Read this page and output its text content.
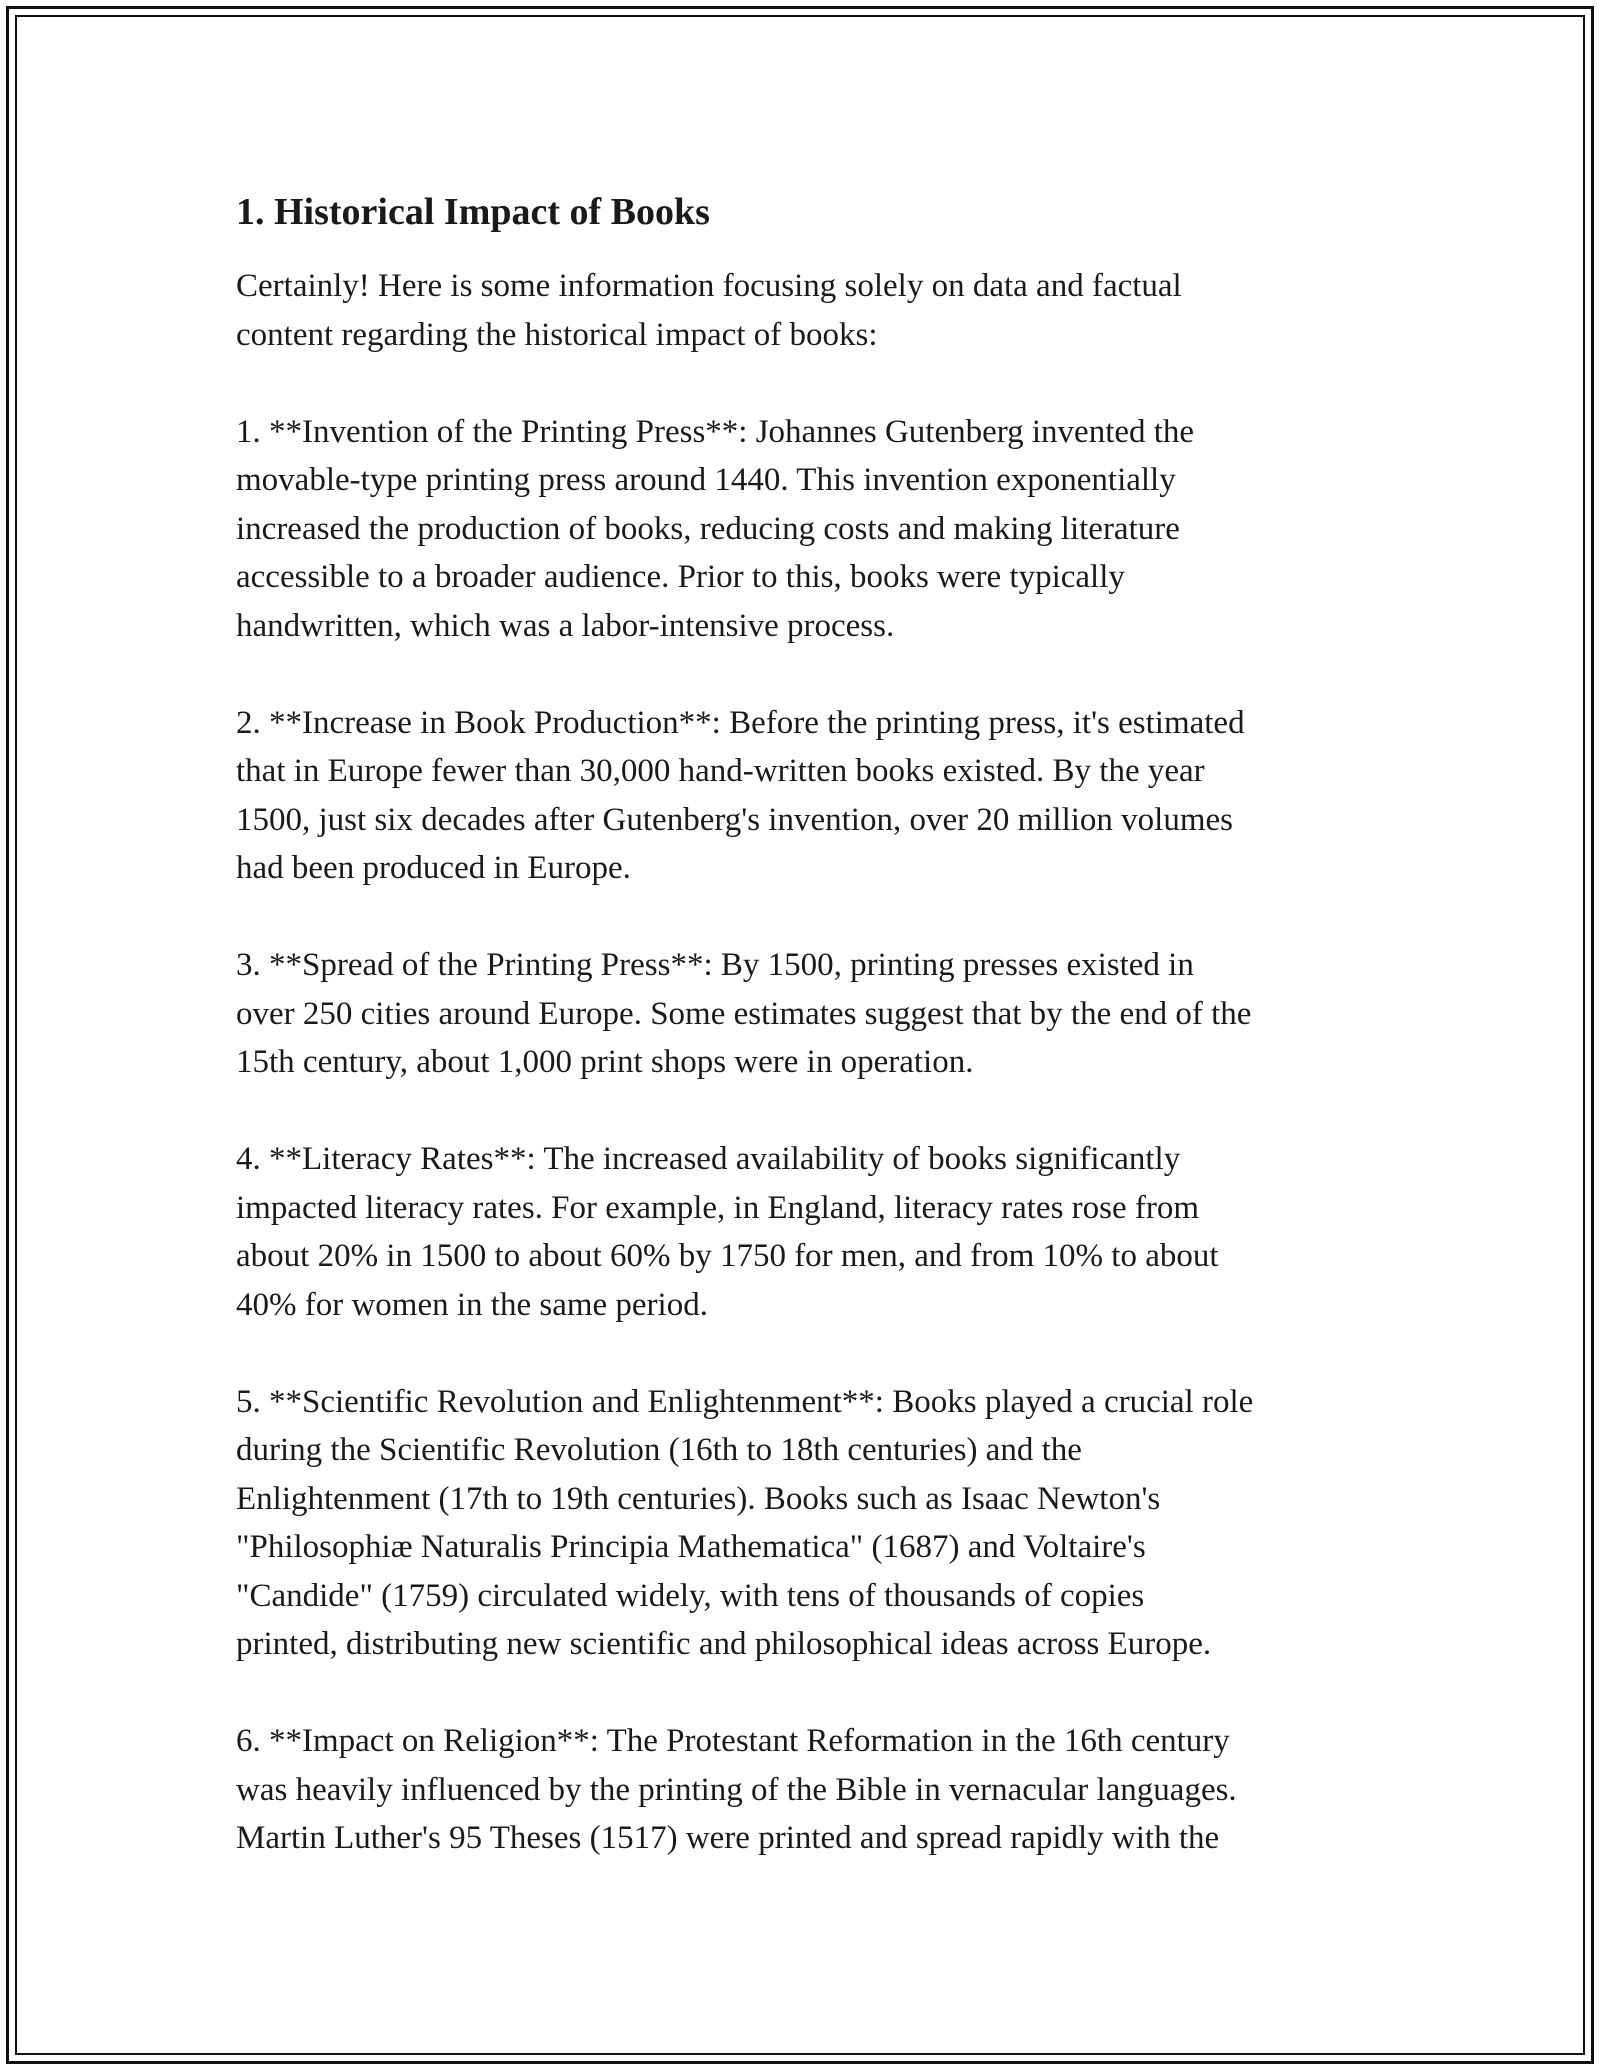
1. Historical Impact of Books

Certainly! Here is some information focusing solely on data and factual
content regarding the historical impact of books:

1. **Invention of the Printing Press**: Johannes Gutenberg invented the
movable-type printing press around 1440. This invention exponentially
increased the production of books, reducing costs and making literature
accessible to a broader audience. Prior to this, books were typically
handwritten, which was a labor-intensive process.

2. **Increase in Book Production**: Before the printing press, it's estimated
that in Europe fewer than 30,000 hand-written books existed. By the year
1500, just six decades after Gutenberg's invention, over 20 million volumes
had been produced in Europe.

3. **Spread of the Printing Press**: By 1500, printing presses existed in
over 250 cities around Europe. Some estimates suggest that by the end of the
15th century, about 1,000 print shops were in operation.

4. **Literacy Rates**: The increased availability of books significantly
impacted literacy rates. For example, in England, literacy rates rose from
about 20% in 1500 to about 60% by 1750 for men, and from 10% to about
40% for women in the same period.

5. **Scientific Revolution and Enlightenment**: Books played a crucial role
during the Scientific Revolution (16th to 18th centuries) and the
Enlightenment (17th to 19th centuries). Books such as Isaac Newton's
"Philosophiæ Naturalis Principia Mathematica" (1687) and Voltaire's
"Candide" (1759) circulated widely, with tens of thousands of copies
printed, distributing new scientific and philosophical ideas across Europe.

6. **Impact on Religion**: The Protestant Reformation in the 16th century
was heavily influenced by the printing of the Bible in vernacular languages.
Martin Luther's 95 Theses (1517) were printed and spread rapidly with the
